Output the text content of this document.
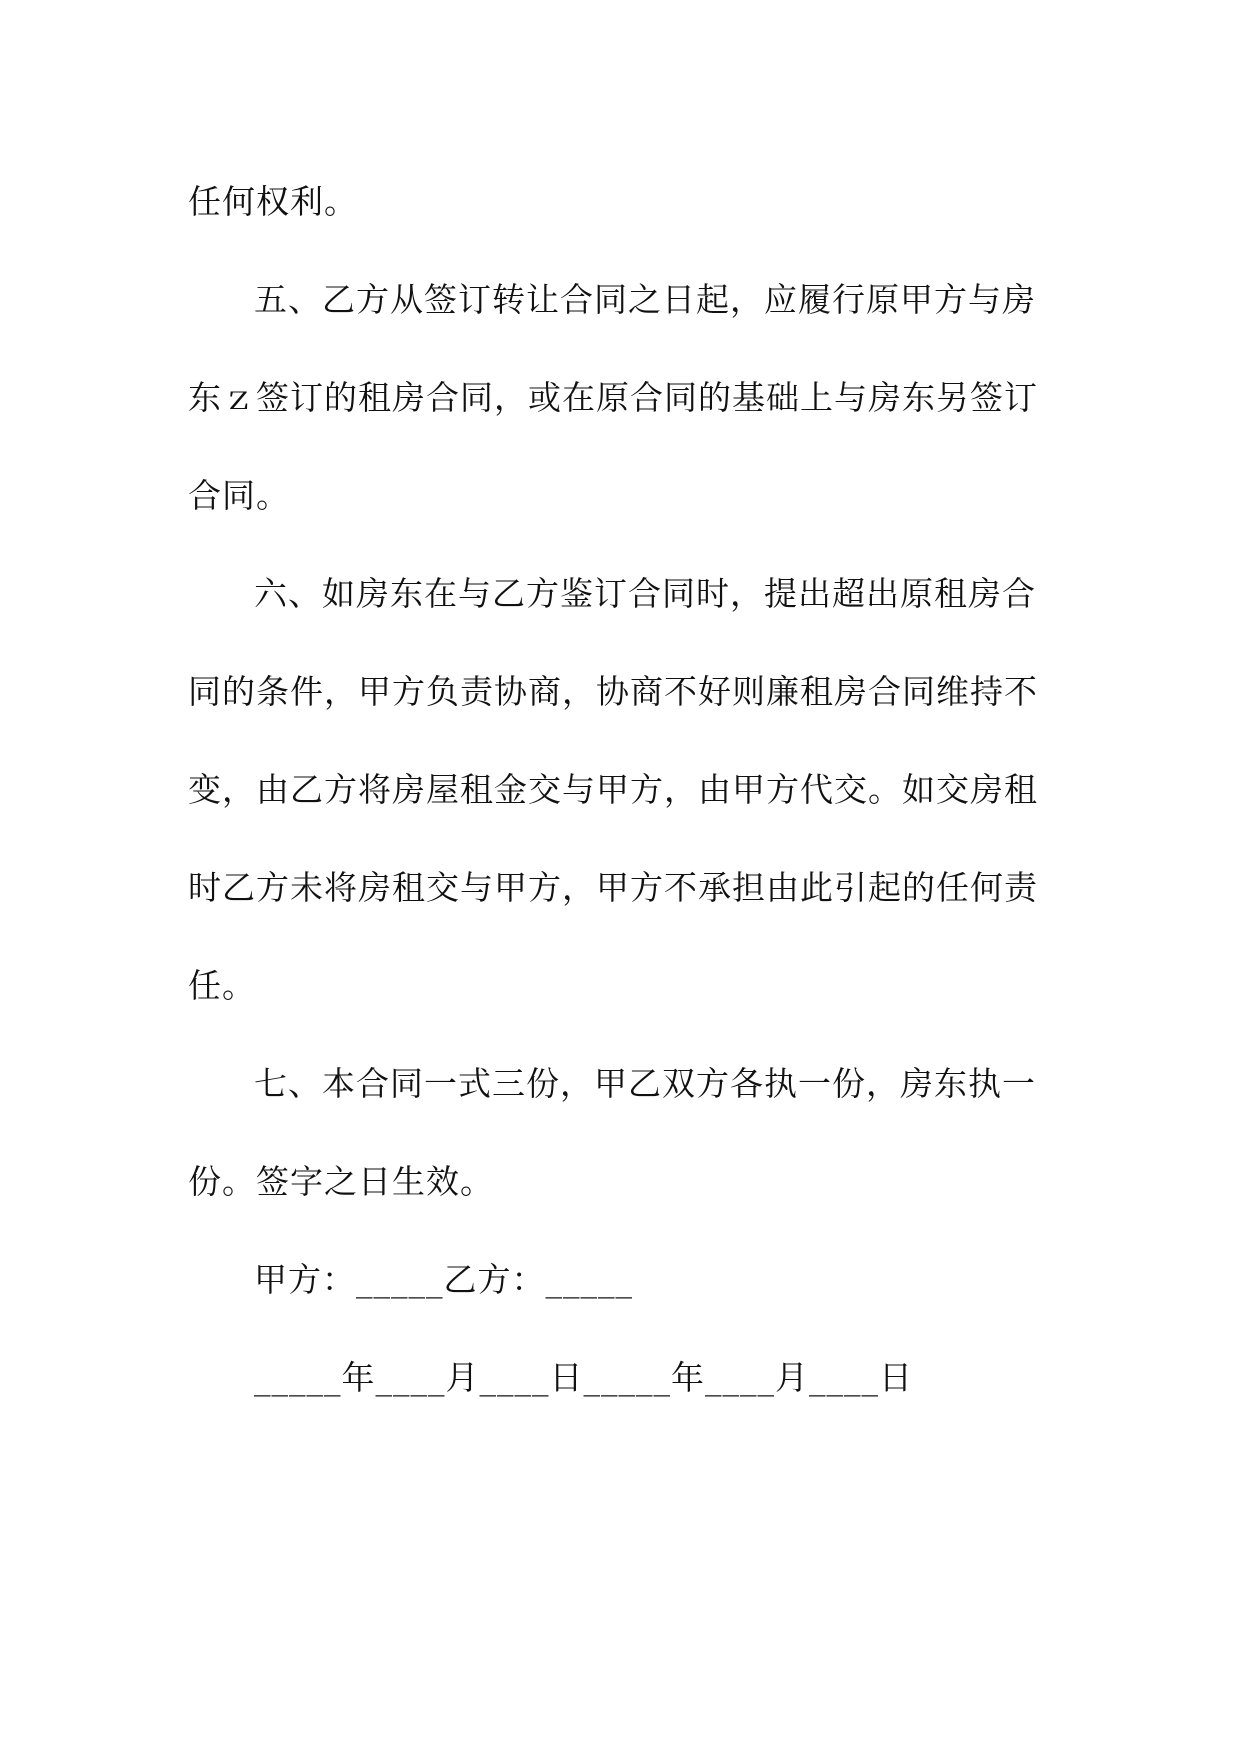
任何权利。

五、乙方从签订转让合同之日起，应履行原甲方与房

东ｚ签订的租房合同，或在原合同的基础上与房东另签订

合同。

六、如房东在与乙方鉴订合同时，提出超出原租房合

同的条件，甲方负责协商，协商不好则廉租房合同维持不

变，由乙方将房屋租金交与甲方，由甲方代交。如交房租

时乙方未将房租交与甲方，甲方不承担由此引起的任何责

任。

七、本合同一式三份，甲乙双方各执一份，房东执一

份。签字之日生效。

甲方：_____乙方：_____

_____年____月____日_____年____月____日
